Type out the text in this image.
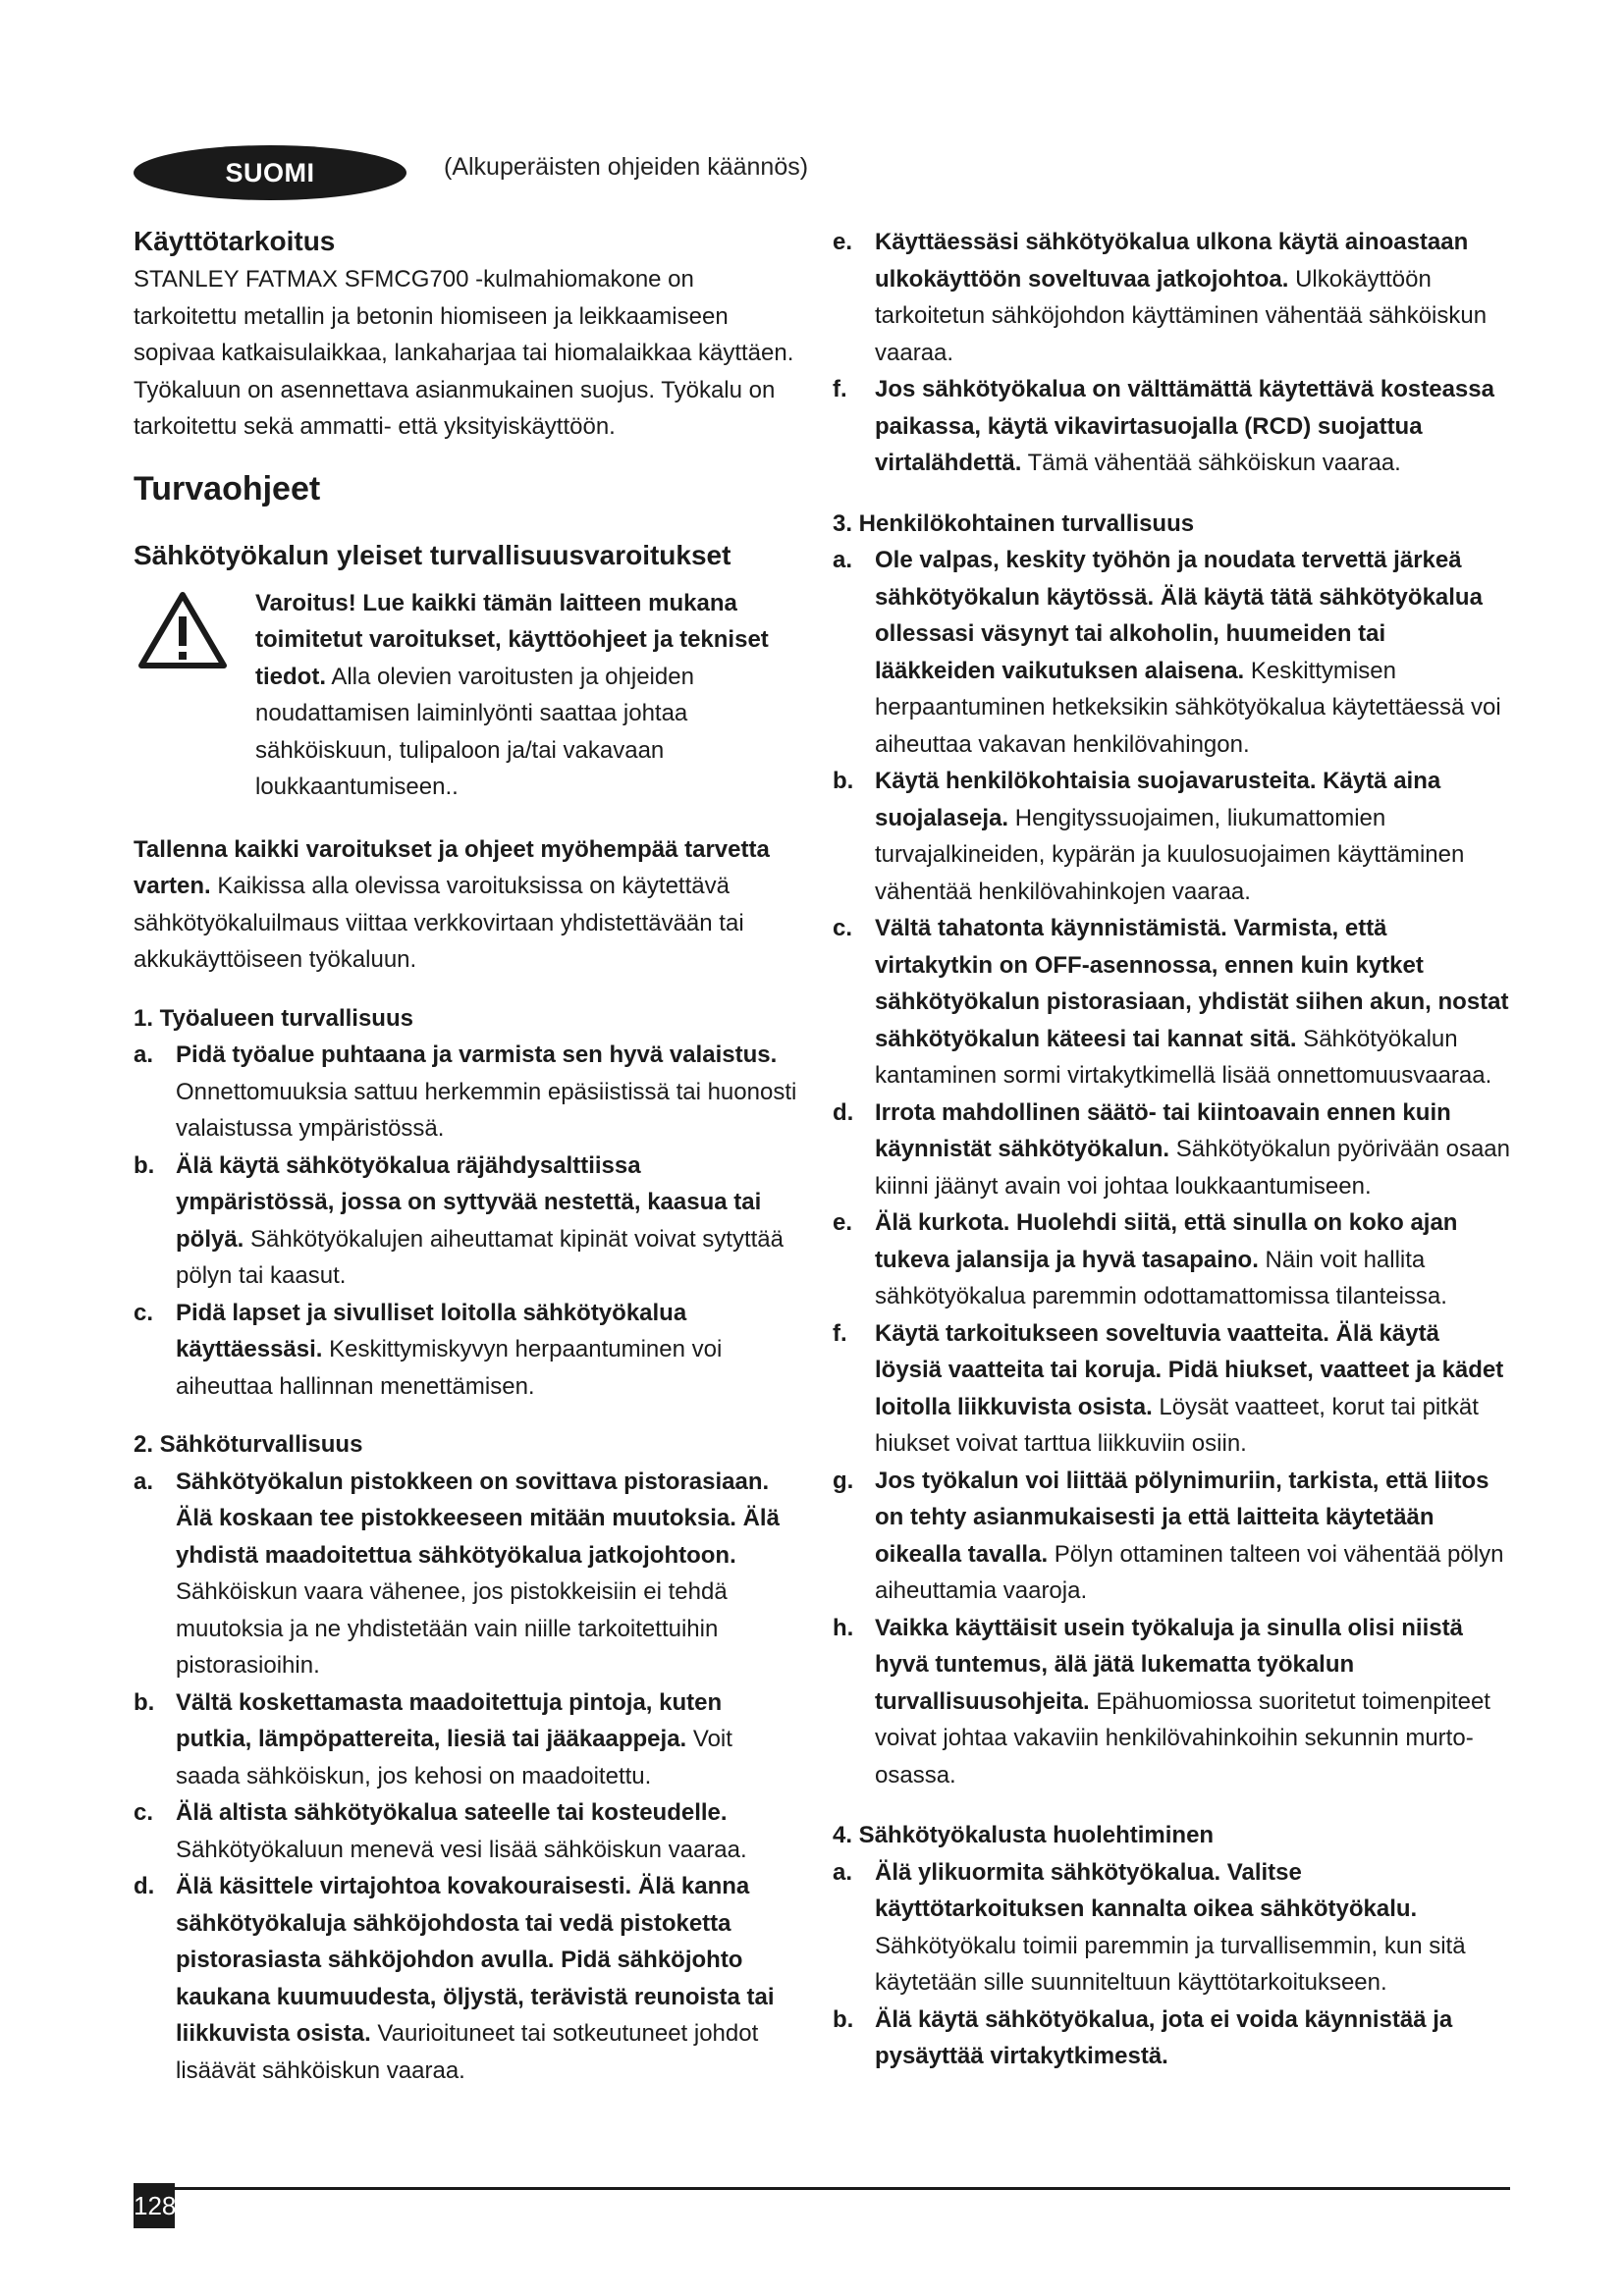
SUOMI	(Alkuperäisten ohjeiden käännös)
Käyttötarkoitus

STANLEY FATMAX SFMCG700 -kulmahiomakone on tarkoitettu metallin ja betonin hiomiseen ja leikkaamiseen sopivaa katkaisulaikkaa, lankaharjaa tai hiomalaikkaa käyttäen. Työkaluun on asennettava asianmukainen suojus. Työkalu on tarkoitettu sekä ammatti- että yksityiskäyttöön.

Turvaohjeet
Sähkötyökalun yleiset turvallisuusvaroitukset

Varoitus! Lue kaikki tämän laitteen mukana toimitetut varoitukset, käyttöohjeet ja tekniset tiedot. Alla olevien varoitusten ja ohjeiden noudattamisen laiminlyönti saattaa johtaa sähköiskuun, tulipaloon ja/tai vakavaan loukkaantumiseen..

Tallenna kaikki varoitukset ja ohjeet myöhempää tarvetta varten. Kaikissa alla olevissa varoituksissa on käytettävä sähkötyökaluilmaus viittaa verkkovirtaan yhdistettävään tai akkukäyttöiseen työkaluun.

1. Työalueen turvallisuus
a. Pidä työalue puhtaana ja varmista sen hyvä valaistus. Onnettomuuksia sattuu herkemmin epäsiistissä tai huonosti valaistussa ympäristössä.
b. Älä käytä sähkötyökalua räjähdysalttiissa ympäristössä, jossa on syttyvää nestettä, kaasua tai pölyä. Sähkötyökalujen aiheuttamat kipinät voivat sytyttää pölyn tai kaasut.
c. Pidä lapset ja sivulliset loitolla sähkötyökalua käyttäessäsi. Keskittymiskyvyn herpaantuminen voi aiheuttaa hallinnan menettämisen.
2. Sähköturvallisuus
a. Sähkötyökalun pistokkeen on sovittava pistorasiaan. Älä koskaan tee pistokkeeseen mitään muutoksia. Älä yhdistä maadoitettua sähkötyökalua jatkojohtoon. Sähköiskun vaara vähenee, jos pistokkeisiin ei tehdä muutoksia ja ne yhdistetään vain niille tarkoitettuihin pistorasioihin.
b. Vältä koskettamasta maadoitettuja pintoja, kuten putkia, lämpöpattereita, liesiä tai jääkaappeja. Voit saada sähköiskun, jos kehosi on maadoitettu.
c. Älä altista sähkötyökalua sateelle tai kosteudelle. Sähkötyökaluun menevä vesi lisää sähköiskun vaaraa.
d. Älä käsittele virtajohtoa kovakouraisesti. Älä kanna sähkötyökaluja sähköjohdosta tai vedä pistoketta pistorasiasta sähköjohdon avulla. Pidä sähköjohto kaukana kuumuudesta, öljystä, terävistä reunoista tai liikkuvista osista. Vaurioituneet tai sotkeutuneet johdot lisäävät sähköiskun vaaraa.
e. Käyttäessäsi sähkötyökalua ulkona käytä ainoastaan ulkokäyttöön soveltuvaa jatkojohtoa. Ulkokäyttöön tarkoitetun sähköjohdon käyttäminen vähentää sähköiskun vaaraa.
f. Jos sähkötyökalua on välttämättä käytettävä kosteassa paikassa, käytä vikavirtasuojalla (RCD) suojattua virtalähdettä. Tämä vähentää sähköiskun vaaraa.
3. Henkilökohtainen turvallisuus
a. Ole valpas, keskity työhön ja noudata tervettä järkeä sähkötyökalun käytössä. Älä käytä tätä sähkötyökalua ollessasi väsynyt tai alkoholin, huumeiden tai lääkkeiden vaikutuksen alaisena. Keskittymisen herpaantuminen hetkeksikin sähkötyökalua käytettäessä voi aiheuttaa vakavan henkilövahingon.
b. Käytä henkilökohtaisia suojavarusteita. Käytä aina suojalaseja. Hengityssuojaimen, liukumattomien turvajalkineiden, kypärän ja kuulosuojaimen käyttäminen vähentää henkilövahinkojen vaaraa.
c. Vältä tahatonta käynnistämistä. Varmista, että virtakytkin on OFF-asennossa, ennen kuin kytket sähkötyökalun pistorasiaan, yhdistät siihen akun, nostat sähkötyökalun käteesi tai kannat sitä. Sähkötyökalun kantaminen sormi virtakytkimellä lisää onnettomuusvaaraa.
d. Irrota mahdollinen säätö- tai kiintoavain ennen kuin käynnistät sähkötyökalun. Sähkötyökalun pyörivään osaan kiinni jäänyt avain voi johtaa loukkaantumiseen.
e. Älä kurkota. Huolehdi siitä, että sinulla on koko ajan tukeva jalansija ja hyvä tasapaino. Näin voit hallita sähkötyökalua paremmin odottamattomissa tilanteissa.
f. Käytä tarkoitukseen soveltuvia vaatteita. Älä käytä löysiä vaatteita tai koruja. Pidä hiukset, vaatteet ja kädet loitolla liikkuvista osista. Löysät vaatteet, korut tai pitkät hiukset voivat tarttua liikkuviin osiin.
g. Jos työkalun voi liittää pölynimuriin, tarkista, että liitos on tehty asianmukaisesti ja että laitteita käytetään oikealla tavalla. Pölyn ottaminen talteen voi vähentää pölyn aiheuttamia vaaroja.
h. Vaikka käyttäisit usein työkaluja ja sinulla olisi niistä hyvä tuntemus, älä jätä lukematta työkalun turvallisuusohjeita. Epähuomiossa suoritetut toimenpiteet voivat johtaa vakaviin henkilövahinkoihin sekunnin murto-osassa.
4. Sähkötyökalusta huolehtiminen
a. Älä ylikuormita sähkötyökalua. Valitse käyttötarkoituksen kannalta oikea sähkötyökalu. Sähkötyökalu toimii paremmin ja turvallisemmin, kun sitä käytetään sille suunniteltuun käyttötarkoitukseen.
b. Älä käytä sähkötyökalua, jota ei voida käynnistää ja pysäyttää virtakytkimestä.
128
